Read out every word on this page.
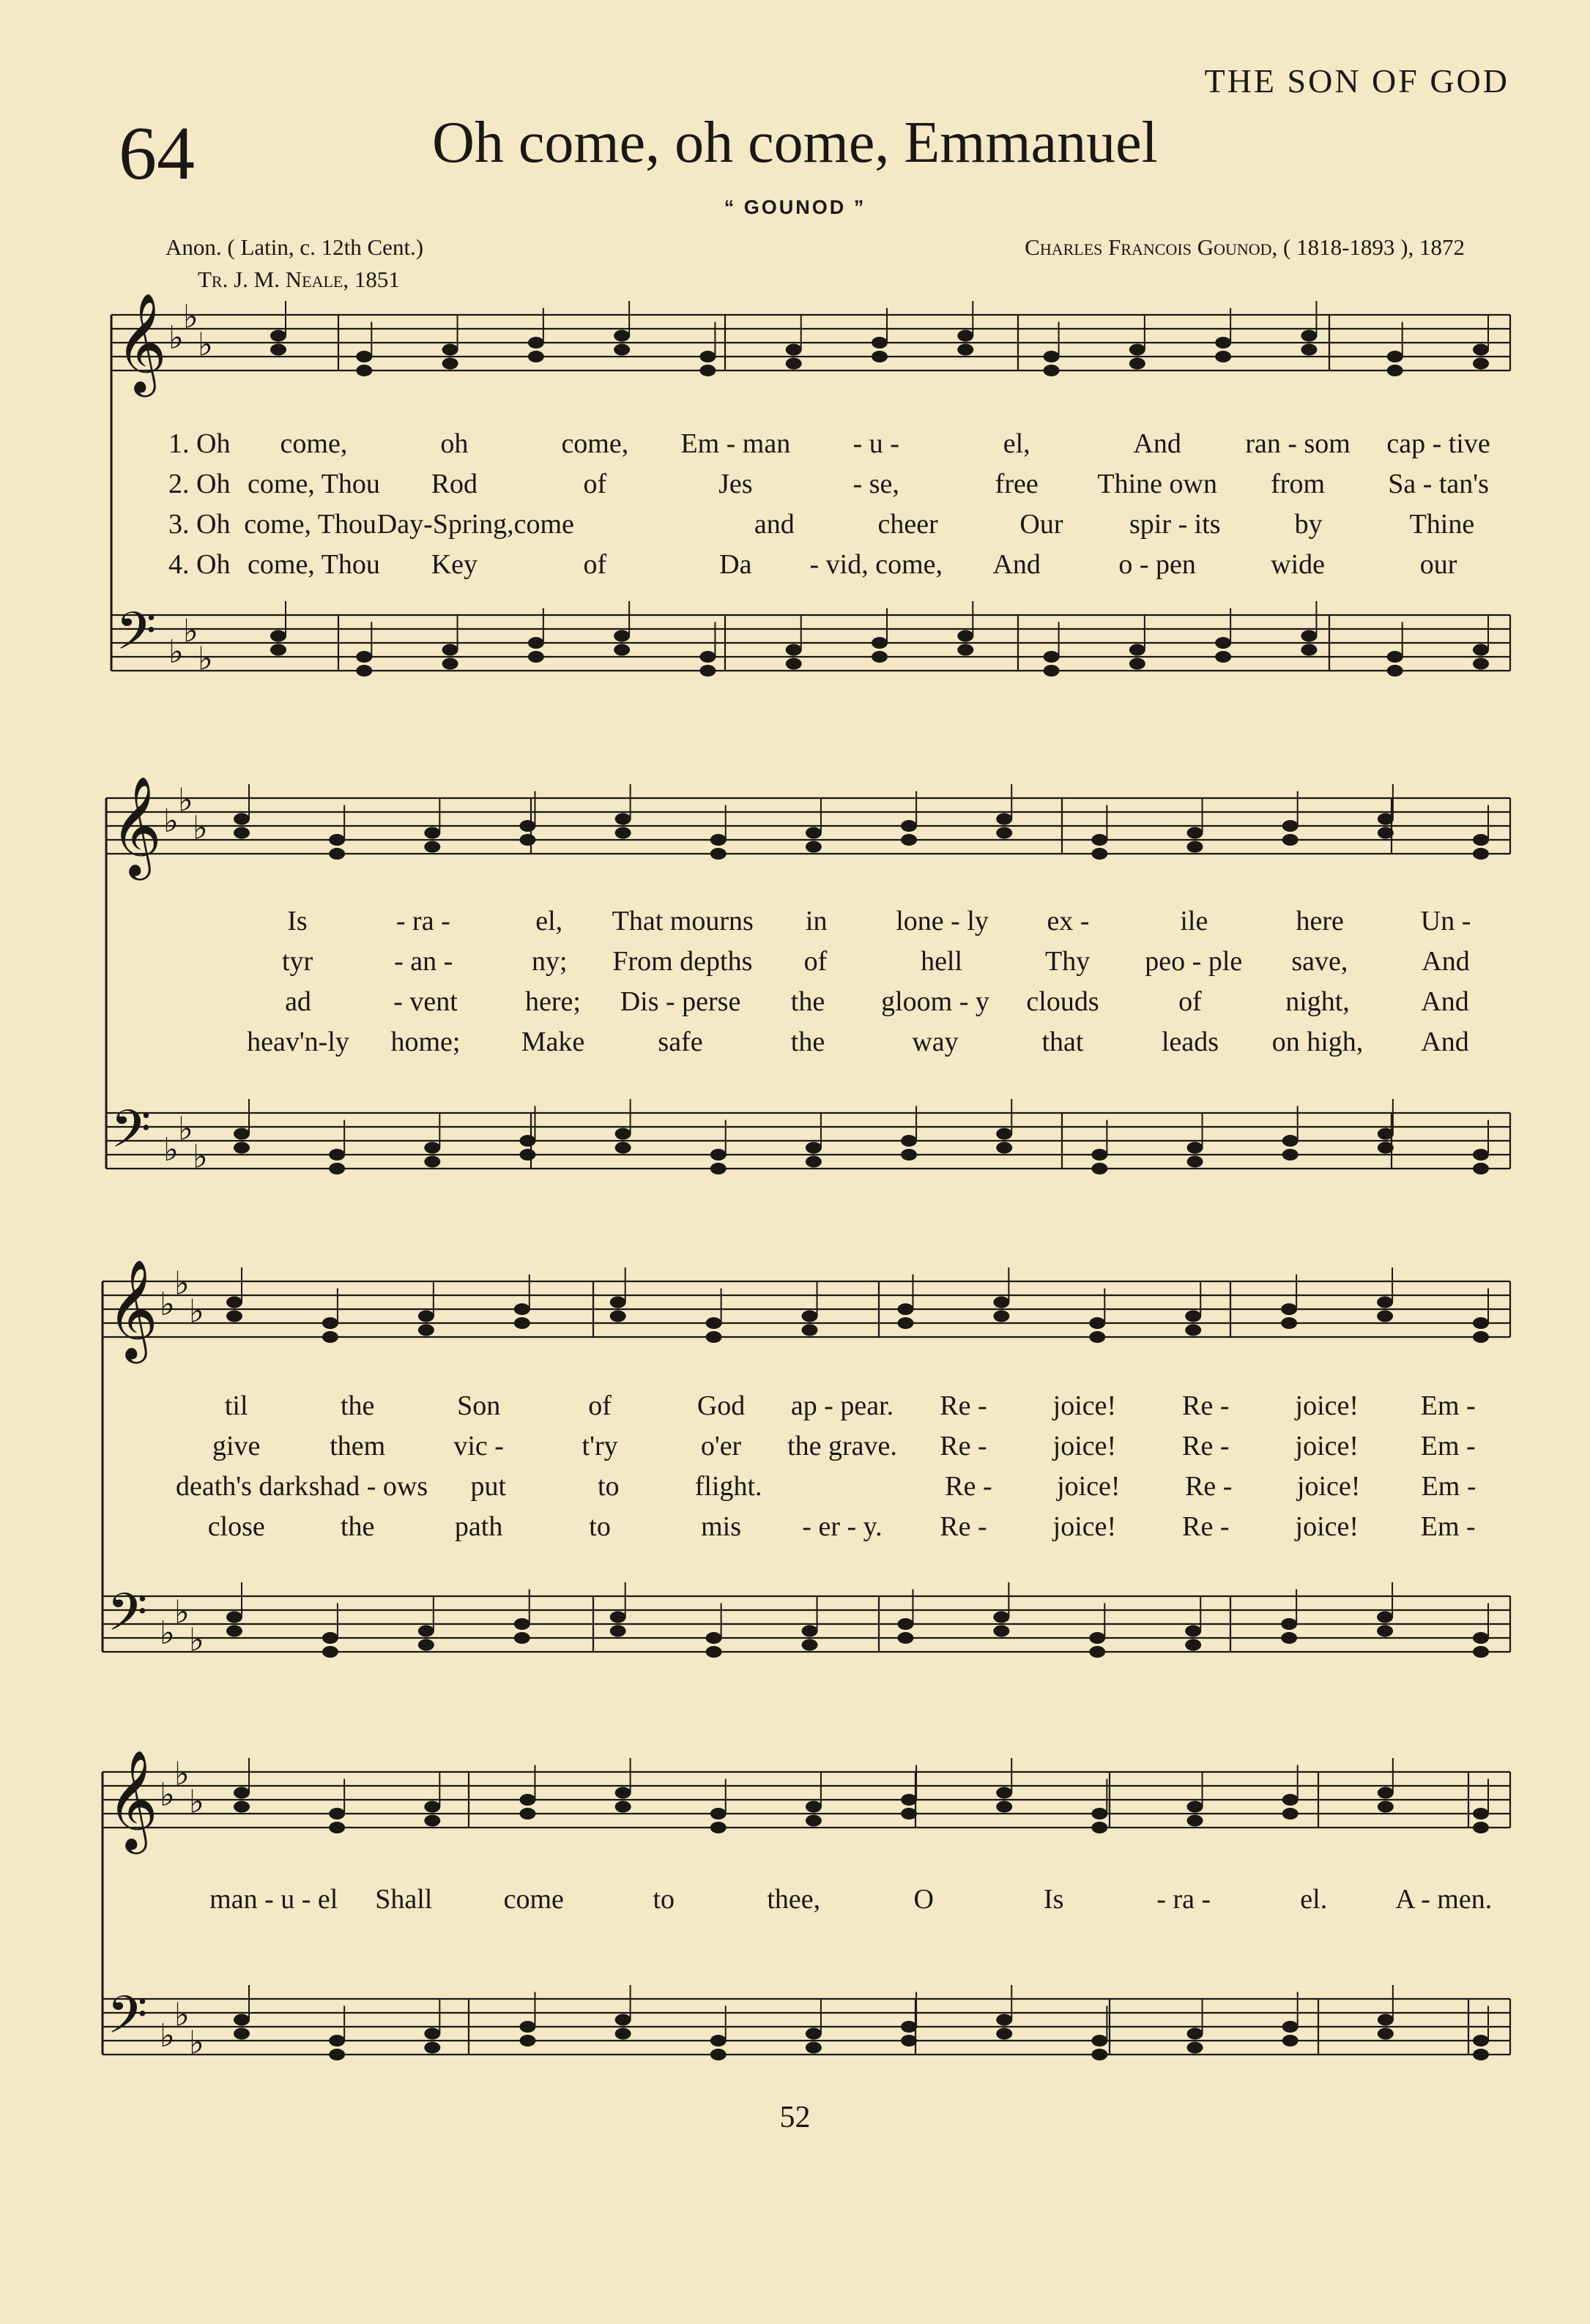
THE SON OF GOD
64	Oh come, oh come, Emmanuel
“ GOUNOD ”
Anon. ( Latin, c. 12th Cent.)
Tr. J. M. Neale, 1851
Charles Francois Gounod, ( 1818-1893 ), 1872
𝄞 ♭
♭
♭
𝄢 ♭
♭
♭
1. Oh	come,	oh	come,	Em - man	- u -	el,	And	ran - som	cap - tive
2. Oh come, Thou	Rod	of	Jes	- se,	free	Thine own	from	Sa - tan's
3. Oh come, Thou Day-Spring,come	and	cheer	Our	spir - its	by	Thine
4. Oh come, Thou	Key	of	Da	- vid, come,	And	o - pen	wide	our
𝄞 ♭
♭
♭
𝄢 ♭
♭
♭
Is	- ra -	el,	That mourns	in	lone - ly	ex -	ile	here	Un -
tyr	- an -	ny;	From depths	of	hell	Thy	peo - ple	save,	And
ad	- vent	here;	Dis - perse	the	gloom - y	clouds	of	night,	And
heav'n-ly	home;	Make	safe	the	way	that	leads	on high,	And
𝄞 ♭
♭
♭
𝄢 ♭
♭
♭
til	the	Son	of	God	ap - pear.	Re -	joice!	Re -	joice!	Em -
give	them	vic -	t'ry	o'er	the grave.	Re -	joice!	Re -	joice!	Em -
death's dark shad - ows	put	to	flight.	Re -	joice!	Re -	joice!	Em -
close	the	path	to	mis	- er - y.	Re -	joice!	Re -	joice!	Em -
𝄞 ♭
♭
♭
𝄢 ♭
♭
♭
man - u - el	Shall	come	to	thee,	O	Is	- ra -	el.	A - men.
52
